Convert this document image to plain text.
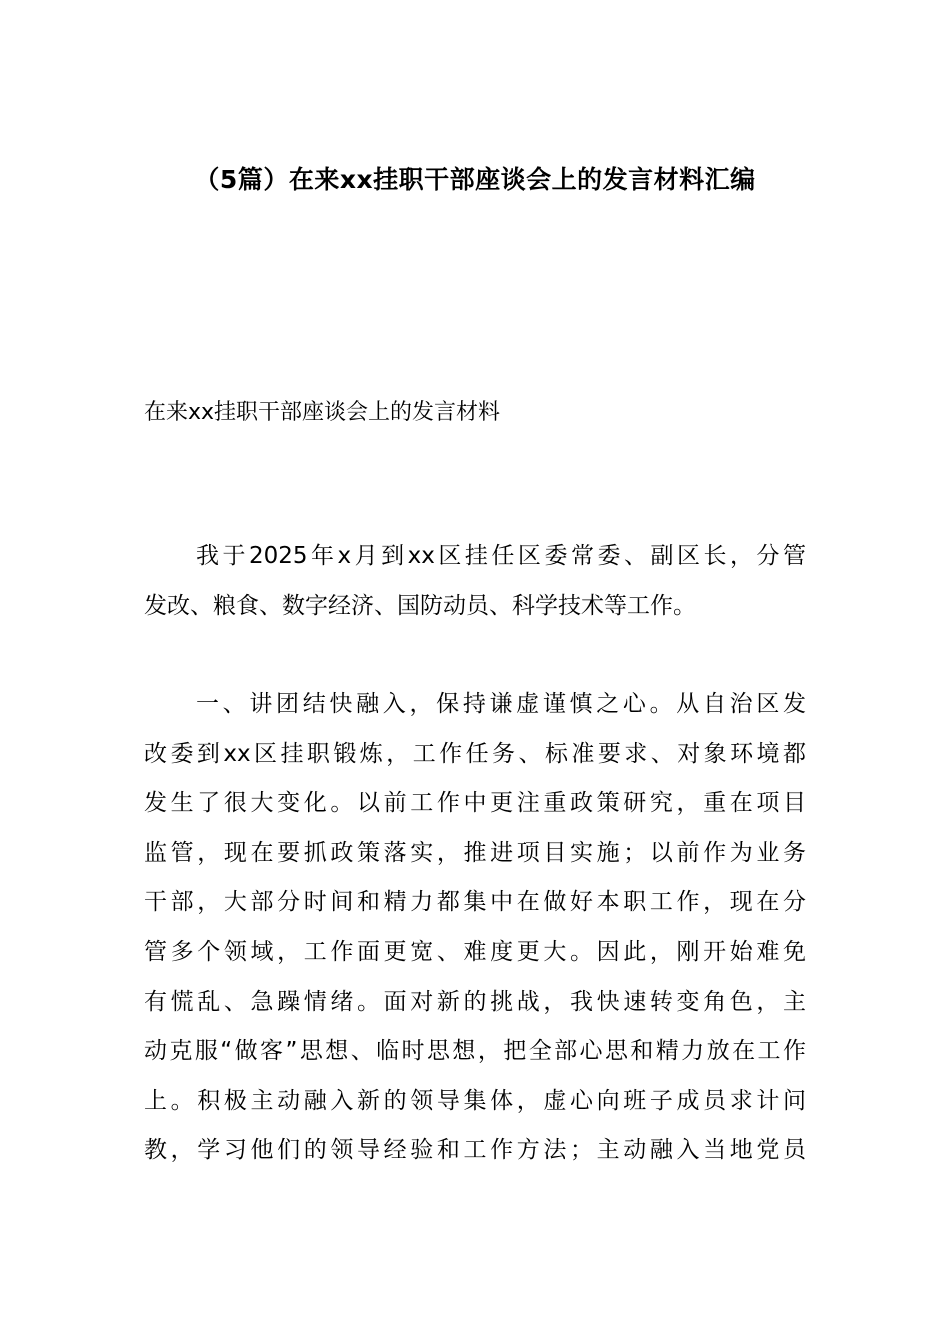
（5篇）在来xx挂职干部座谈会上的发言材料汇编
在来xx挂职干部座谈会上的发言材料
我于2025年x月到xx区挂任区委常委、副区长，分管
发改、粮食、数字经济、国防动员、科学技术等工作。
一、讲团结快融入，保持谦虚谨慎之心。从自治区发
改委到xx区挂职锻炼，工作任务、标准要求、对象环境都
发生了很大变化。以前工作中更注重政策研究，重在项目
监管，现在要抓政策落实，推进项目实施；以前作为业务
干部，大部分时间和精力都集中在做好本职工作，现在分
管多个领域，工作面更宽、难度更大。因此，刚开始难免
有慌乱、急躁情绪。面对新的挑战，我快速转变角色，主
动克服“做客”思想、临时思想，把全部心思和精力放在工作
上。积极主动融入新的领导集体，虚心向班子成员求计问
教，学习他们的领导经验和工作方法；主动融入当地党员
